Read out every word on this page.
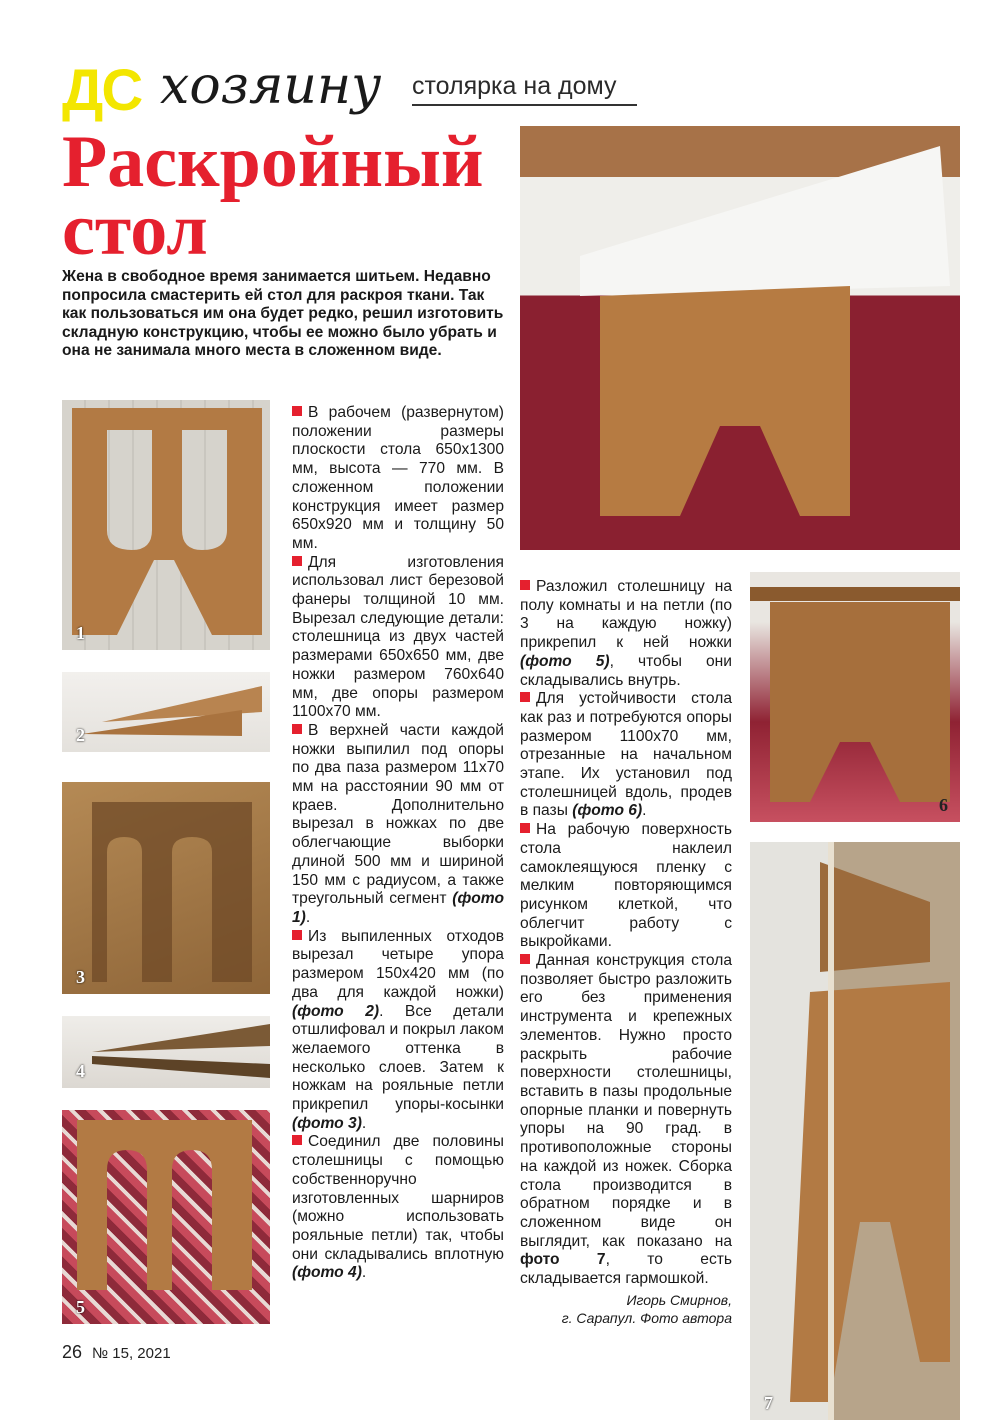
ДС хозяину столярка на дому
Раскройный
стол
Жена в свободное время занимается шитьем. Недавно попросила смастерить ей стол для раскроя ткани. Так как пользоваться им она будет редко, решил изготовить складную конструкцию, чтобы ее можно было убрать и она не занимала много места в сложенном виде.
1
2
3
4
5
6
7

В рабочем (развернутом) положении размеры плоскости стола 650х1300 мм, высота — 770 мм. В сложенном положении конструкция имеет размер 650х920 мм и толщину 50 мм.

Для изготовления использовал лист березовой фанеры толщиной 10 мм. Вырезал следующие детали: столешница из двух частей размерами 650х650 мм, две ножки размером 760х640 мм, две опоры размером 1100х70 мм.

В верхней части каждой ножки выпилил под опоры по два паза размером 11х70 мм на расстоянии 90 мм от краев. Дополнительно вырезал в ножках по две облегчающие выборки длиной 500 мм и шириной 150 мм с радиусом, а также треугольный сегмент (фото 1).

Из выпиленных отходов вырезал четыре упора размером 150х420 мм (по два для каждой ножки) (фото 2). Все детали отшлифовал и покрыл лаком желаемого оттенка в несколько слоев. Затем к ножкам на рояльные петли прикрепил упоры-косынки (фото 3).

Соединил две половины столешницы с помощью собственноручно изготовленных шарниров (можно использовать рояльные петли) так, чтобы они складывались вплотную (фото 4).

Разложил столешницу на полу комнаты и на петли (по 3 на каждую ножку) прикрепил к ней ножки (фото 5), чтобы они складывались внутрь.

Для устойчивости стола как раз и потребуются опоры размером 1100х70 мм, отрезанные на начальном этапе. Их установил под столешницей вдоль, продев в пазы (фото 6).

На рабочую поверхность стола наклеил самоклеящуюся пленку с мелким повторяющимся рисунком клеткой, что облегчит работу с выкройками.

Данная конструкция стола позволяет быстро разложить его без применения инструмента и крепежных элементов. Нужно просто раскрыть рабочие поверхности столешницы, вставить в пазы продольные опорные планки и повернуть упоры на 90 град. в противоположные стороны на каждой из ножек. Сборка стола производится в обратном порядке и в сложенном виде он выглядит, как показано на фото 7, то есть складывается гармошкой.

Игорь Смирнов,
г. Сарапул. Фото автора
26 № 15, 2021
